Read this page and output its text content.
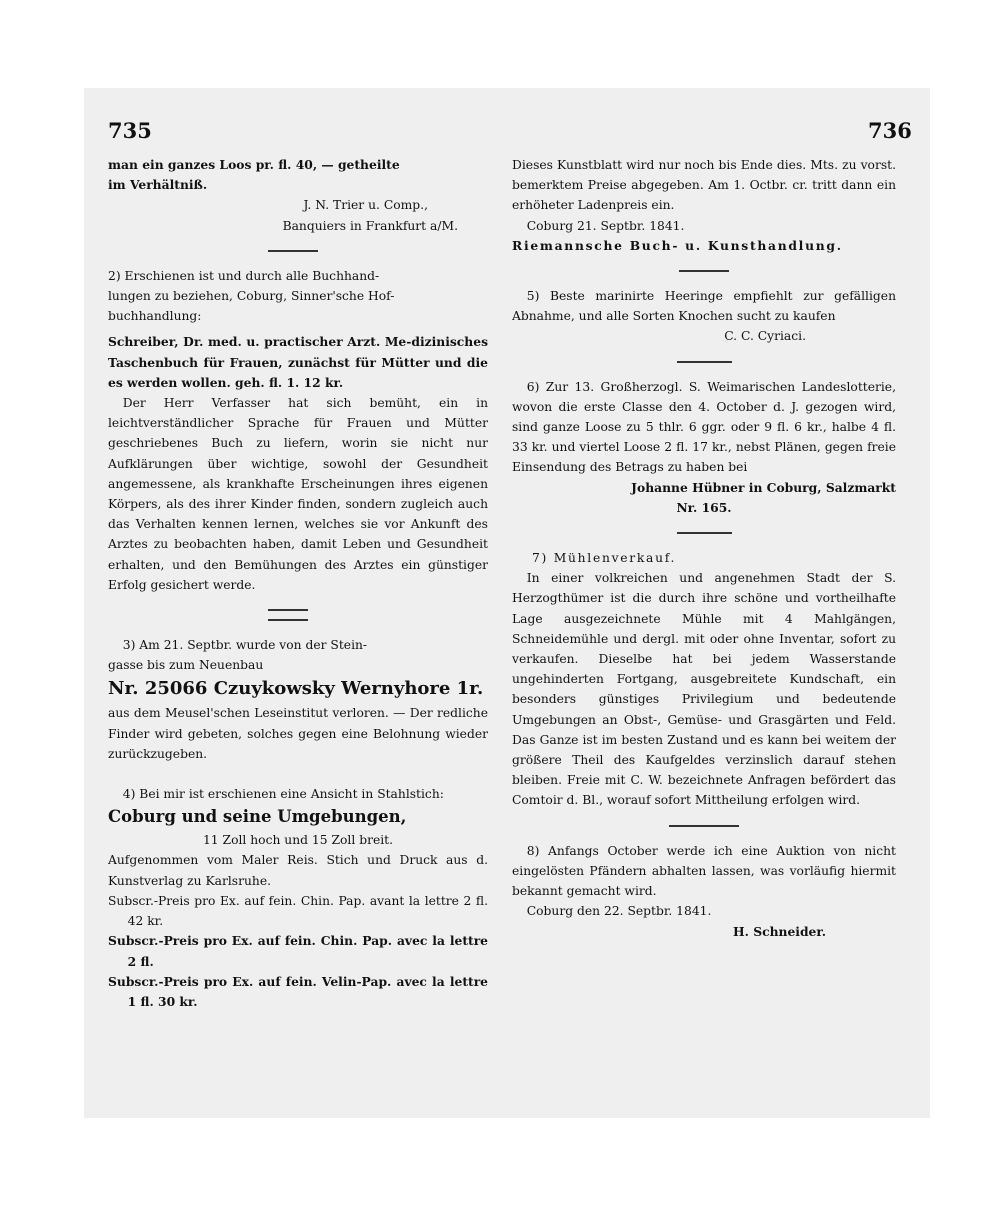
735	736

man ein ganzes Loos pr. fl. 40, — getheilte

im Verhältniß.

J. N. Trier u. Comp.,

Banquiers in Frankfurt a/M.

2) Erschienen ist und durch alle Buchhand-

lungen zu beziehen, Coburg, Sinner'sche Hof-

buchhandlung:

Schreiber, Dr. med. u. practischer Arzt. Me-dizinisches Taschenbuch für Frauen, zunächst für Mütter und die es werden wollen. geh. fl. 1. 12 kr.

Der Herr Verfasser hat sich bemüht, ein in leichtverständlicher Sprache für Frauen und Mütter geschriebenes Buch zu liefern, worin sie nicht nur Aufklärungen über wichtige, sowohl der Gesundheit angemessene, als krankhafte Erscheinungen ihres eigenen Körpers, als des ihrer Kinder finden, sondern zugleich auch das Verhalten kennen lernen, welches sie vor Ankunft des Arztes zu beobachten haben, damit Leben und Gesundheit erhalten, und den Bemühungen des Arztes ein günstiger Erfolg gesichert werde.

3) Am 21. Septbr. wurde von der Stein-

gasse bis zum Neuenbau

Nr. 25066 Czuykowsky Wernyhore 1r.

aus dem Meusel'schen Leseinstitut verloren. — Der redliche Finder wird gebeten, solches gegen eine Belohnung wieder zurückzugeben.

4) Bei mir ist erschienen eine Ansicht in Stahlstich:

Coburg und seine Umgebungen,

11 Zoll hoch und 15 Zoll breit.

Aufgenommen vom Maler Reis. Stich und Druck aus d. Kunstverlag zu Karlsruhe.

Subscr.-Preis pro Ex. auf fein. Chin. Pap. avant la lettre 2 fl. 42 kr.

Subscr.-Preis pro Ex. auf fein. Chin. Pap. avec la lettre 2 fl.

Subscr.-Preis pro Ex. auf fein. Velin-Pap. avec la lettre 1 fl. 30 kr.

Dieses Kunstblatt wird nur noch bis Ende dies. Mts. zu vorst. bemerktem Preise abgegeben. Am 1. Octbr. cr. tritt dann ein erhöheter Ladenpreis ein.

Coburg 21. Septbr. 1841.

Riemannsche Buch- u. Kunsthandlung.

5) Beste marinirte Heeringe empfiehlt zur gefälligen Abnahme, und alle Sorten Knochen sucht zu kaufen

C. C. Cyriaci.

6) Zur 13. Großherzogl. S. Weimarischen Landeslotterie, wovon die erste Classe den 4. October d. J. gezogen wird, sind ganze Loose zu 5 thlr. 6 ggr. oder 9 fl. 6 kr., halbe 4 fl. 33 kr. und viertel Loose 2 fl. 17 kr., nebst Plänen, gegen freie Einsendung des Betrags zu haben bei

Johanne Hübner in Coburg, Salzmarkt

Nr. 165.

7) Mühlenverkauf.

In einer volkreichen und angenehmen Stadt der S. Herzogthümer ist die durch ihre schöne und vortheilhafte Lage ausgezeichnete Mühle mit 4 Mahlgängen, Schneidemühle und dergl. mit oder ohne Inventar, sofort zu verkaufen. Dieselbe hat bei jedem Wasserstande ungehinderten Fortgang, ausgebreitete Kundschaft, ein besonders günstiges Privilegium und bedeutende Umgebungen an Obst-, Gemüse- und Grasgärten und Feld. Das Ganze ist im besten Zustand und es kann bei weitem der größere Theil des Kaufgeldes verzinslich darauf stehen bleiben. Freie mit C. W. bezeichnete Anfragen befördert das Comtoir d. Bl., worauf sofort Mittheilung erfolgen wird.

8) Anfangs October werde ich eine Auktion von nicht eingelösten Pfändern abhalten lassen, was vorläufig hiermit bekannt gemacht wird.

Coburg den 22. Septbr. 1841.

H. Schneider.
